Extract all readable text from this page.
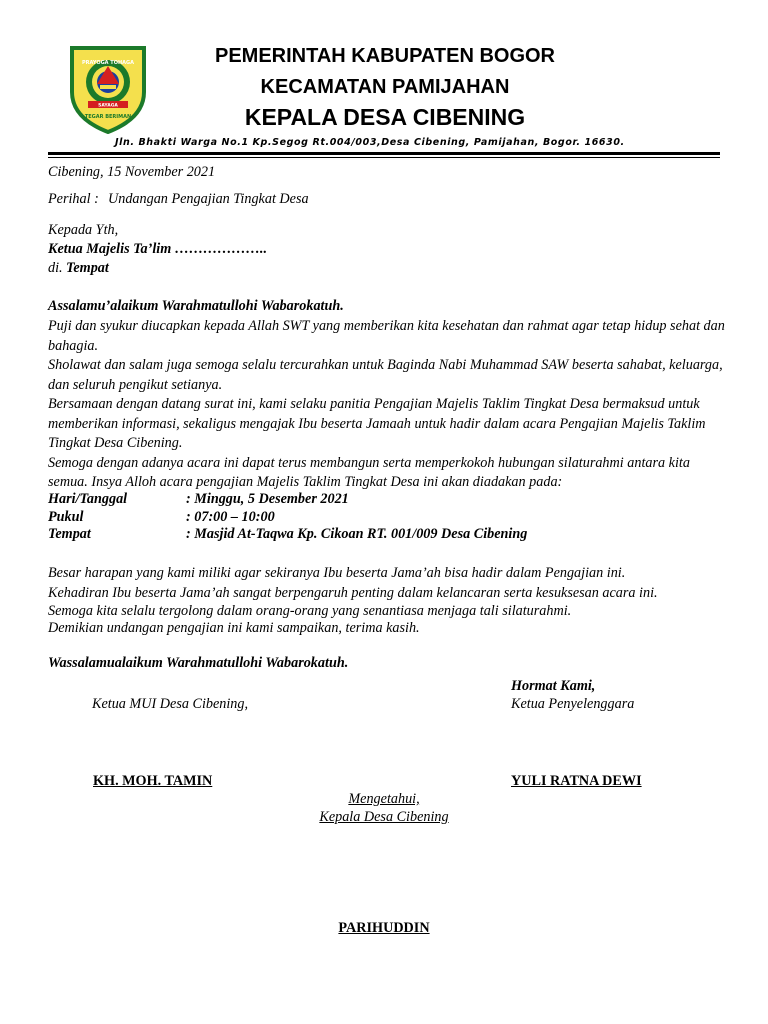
PRAYOGA TOHAGA
SAYAGA
TEGAR BERIMAN
PEMERINTAH KABUPATEN BOGOR
KECAMATAN PAMIJAHAN
KEPALA DESA CIBENING
Jln. Bhakti Warga No.1 Kp.Segog Rt.004/003,Desa Cibening, Pamijahan, Bogor. 16630.
Cibening, 15 November 2021
Perihal : Undangan Pengajian Tingkat Desa
Kepada Yth,
Ketua Majelis Ta’lim ………………..
di. Tempat
Assalamu’alaikum Warahmatullohi Wabarokatuh.

Puji dan syukur diucapkan kepada Allah SWT yang memberikan kita kesehatan dan rahmat agar tetap hidup sehat dan bahagia.

Sholawat dan salam juga semoga selalu tercurahkan untuk Baginda Nabi Muhammad SAW beserta sahabat, keluarga, dan seluruh pengikut setianya.

Bersamaan dengan datang surat ini, kami selaku panitia Pengajian Majelis Taklim Tingkat Desa bermaksud untuk memberikan informasi, sekaligus mengajak Ibu beserta Jamaah untuk hadir dalam acara Pengajian Majelis Taklim Tingkat Desa Cibening.

Semoga dengan adanya acara ini dapat terus membangun serta memperkokoh hubungan silaturahmi antara kita semua. Insya Alloh acara pengajian Majelis Taklim Tingkat Desa ini akan diadakan pada:

Hari/Tanggal	: Minggu, 5 Desember 2021
Pukul	: 07:00 – 10:00
Tempat	: Masjid At-Taqwa Kp. Cikoan RT. 001/009 Desa Cibening

Besar harapan yang kami miliki agar sekiranya Ibu beserta Jama’ah bisa hadir dalam Pengajian ini.

Kehadiran Ibu beserta Jama’ah sangat berpengaruh penting dalam kelancaran serta kesuksesan acara ini.

Semoga kita selalu tergolong dalam orang-orang yang senantiasa menjaga tali silaturahmi.

Demikian undangan pengajian ini kami sampaikan, terima kasih.

Wassalamualaikum Warahmatullohi Wabarokatuh.
Hormat Kami,
Ketua MUI Desa Cibening,	Ketua Penyelenggara
KH. MOH. TAMIN	YULI RATNA DEWI
Mengetahui,
Kepala Desa Cibening
PARIHUDDIN
